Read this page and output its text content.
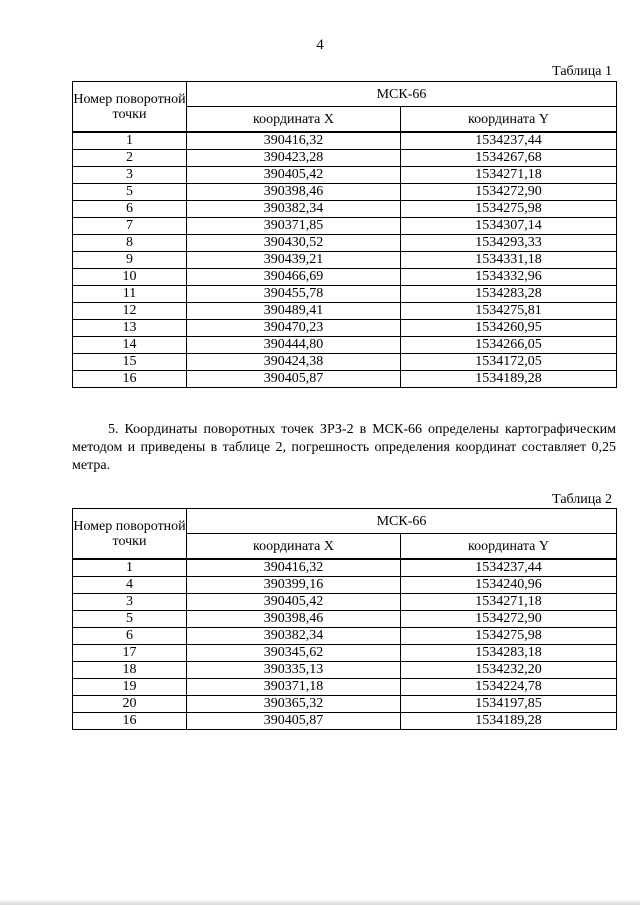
4
Таблица 1
Номер поворотной точки	МСК-66	
	координата X	координата Y
1	390416,32	1534237,44
2	390423,28	1534267,68
3	390405,42	1534271,18
5	390398,46	1534272,90
6	390382,34	1534275,98
7	390371,85	1534307,14
8	390430,52	1534293,33
9	390439,21	1534331,18
10	390466,69	1534332,96
11	390455,78	1534283,28
12	390489,41	1534275,81
13	390470,23	1534260,95
14	390444,80	1534266,05
15	390424,38	1534172,05
16	390405,87	1534189,28
5. Координаты поворотных точек ЗРЗ-2 в МСК-66 определены картографическим методом и приведены в таблице 2, погрешность определения координат составляет 0,25 метра.
Таблица 2
Номер поворотной точки	МСК-66	
	координата X	координата Y
1	390416,32	1534237,44
4	390399,16	1534240,96
3	390405,42	1534271,18
5	390398,46	1534272,90
6	390382,34	1534275,98
17	390345,62	1534283,18
18	390335,13	1534232,20
19	390371,18	1534224,78
20	390365,32	1534197,85
16	390405,87	1534189,28
